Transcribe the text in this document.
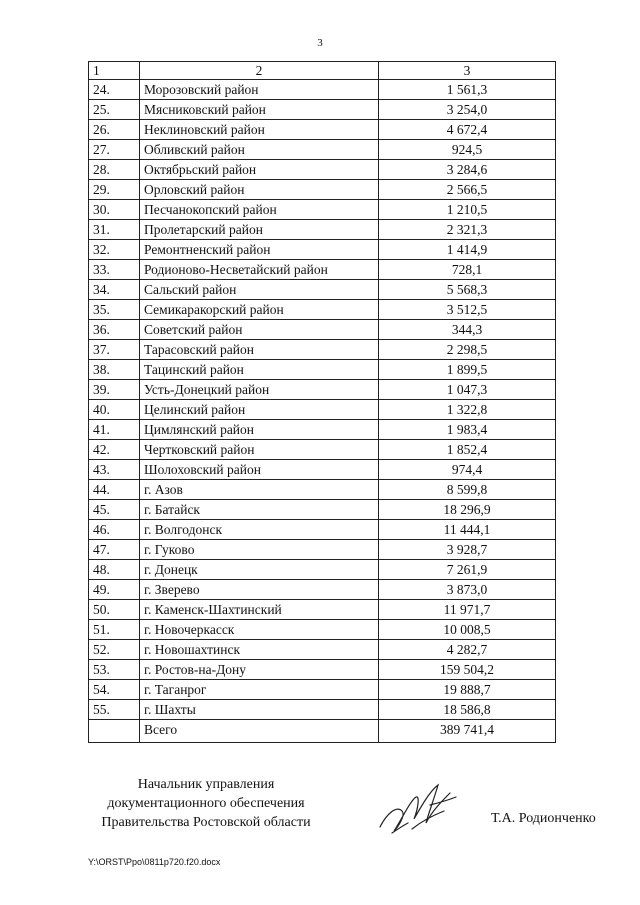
3
1	2	3
24.	Морозовский район	1 561,3
25.	Мясниковский район	3 254,0
26.	Неклиновский район	4 672,4
27.	Обливский район	924,5
28.	Октябрьский район	3 284,6
29.	Орловский район	2 566,5
30.	Песчанокопский район	1 210,5
31.	Пролетарский район	2 321,3
32.	Ремонтненский район	1 414,9
33.	Родионово-Несветайский район	728,1
34.	Сальский район	5 568,3
35.	Семикаракорский район	3 512,5
36.	Советский район	344,3
37.	Тарасовский район	2 298,5
38.	Тацинский район	1 899,5
39.	Усть-Донецкий район	1 047,3
40.	Целинский район	1 322,8
41.	Цимлянский район	1 983,4
42.	Чертковский район	1 852,4
43.	Шолоховский район	974,4
44.	г. Азов	8 599,8
45.	г. Батайск	18 296,9
46.	г. Волгодонск	11 444,1
47.	г. Гуково	3 928,7
48.	г. Донецк	7 261,9
49.	г. Зверево	3 873,0
50.	г. Каменск-Шахтинский	11 971,7
51.	г. Новочеркасск	10 008,5
52.	г. Новошахтинск	4 282,7
53.	г. Ростов-на-Дону	159 504,2
54.	г. Таганрог	19 888,7
55.	г. Шахты	18 586,8
	Всего	389 741,4
Начальник управления
документационного обеспечения
Правительства Ростовской области	Т.А. Родионченко
Y:\ORST\Ppo\0811p720.f20.docx
